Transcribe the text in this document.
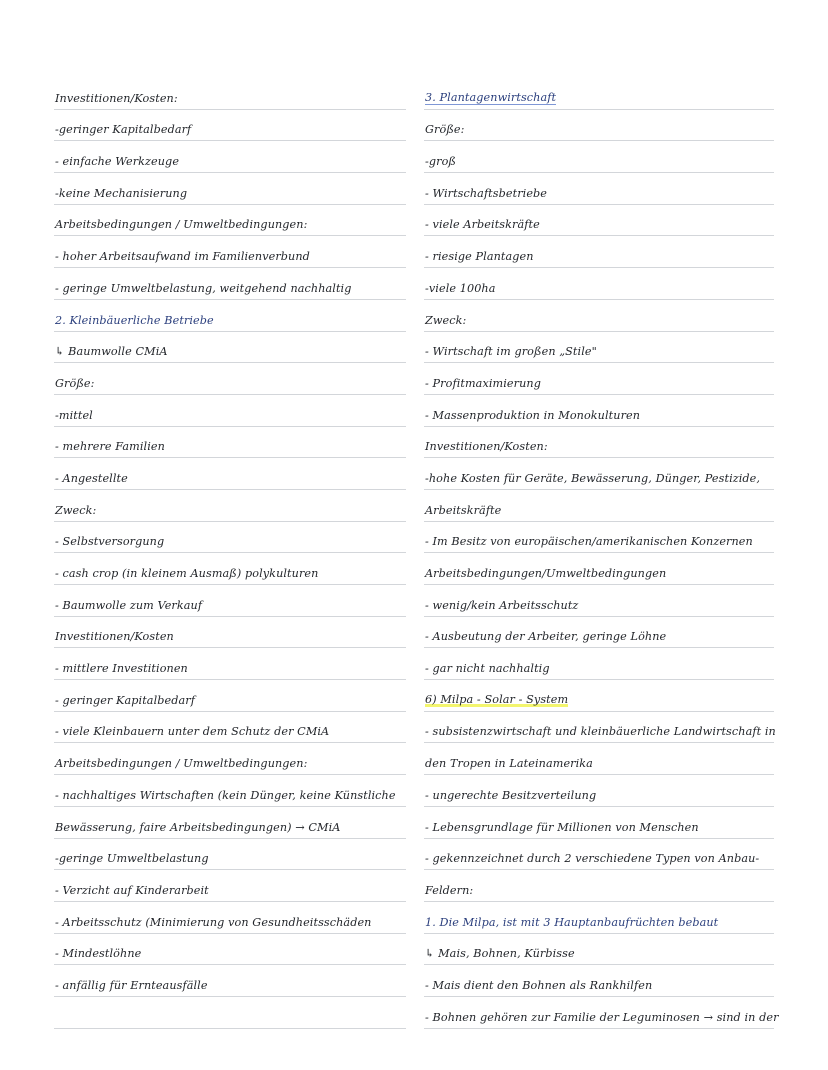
Investitionen/Kosten:
-geringer Kapitalbedarf
- einfache Werkzeuge
-keine Mechanisierung
Arbeitsbedingungen / Umweltbedingungen:
- hoher Arbeitsaufwand im Familienverbund
- geringe Umweltbelastung, weitgehend nachhaltig
2. Kleinbäuerliche Betriebe
↳ Baumwolle CMiA
Größe:
-mittel
- mehrere Familien
- Angestellte
Zweck:
- Selbstversorgung
- cash crop (in kleinem Ausmaß) polykulturen
- Baumwolle zum Verkauf
Investitionen/Kosten
- mittlere Investitionen
- geringer Kapitalbedarf
- viele Kleinbauern unter dem Schutz der CMiA
Arbeitsbedingungen / Umweltbedingungen:
- nachhaltiges Wirtschaften (kein Dünger, keine Künstliche
Bewässerung, faire Arbeitsbedingungen) → CMiA
-geringe Umweltbelastung
- Verzicht auf Kinderarbeit
- Arbeitsschutz (Minimierung von Gesundheitsschäden
- Mindestlöhne
- anfällig für Ernteausfälle
3. Plantagenwirtschaft
Größe:
-groß
- Wirtschaftsbetriebe
- viele Arbeitskräfte
- riesige Plantagen
-viele 100ha
Zweck:
- Wirtschaft im großen „Stile"
- Profitmaximierung
- Massenproduktion in Monokulturen
Investitionen/Kosten:
-hohe Kosten für Geräte, Bewässerung, Dünger, Pestizide,
Arbeitskräfte
- Im Besitz von europäischen/amerikanischen Konzernen
Arbeitsbedingungen/Umweltbedingungen
- wenig/kein Arbeitsschutz
- Ausbeutung der Arbeiter, geringe Löhne
- gar nicht nachhaltig
6) Milpa - Solar - System
- subsistenzwirtschaft und kleinbäuerliche Landwirtschaft in
den Tropen in Lateinamerika
- ungerechte Besitzverteilung
- Lebensgrundlage für Millionen von Menschen
- gekennzeichnet durch 2 verschiedene Typen von Anbau-
Feldern:
1. Die Milpa, ist mit 3 Hauptanbaufrüchten bebaut
↳ Mais, Bohnen, Kürbisse
- Mais dient den Bohnen als Rankhilfen
- Bohnen gehören zur Familie der Leguminosen → sind in der
